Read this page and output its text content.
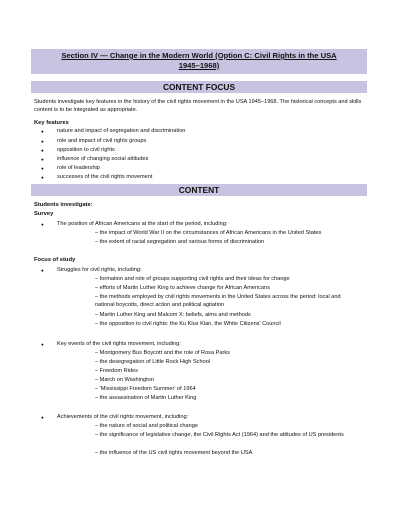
Section IV — Change in the Modern World (Option C: Civil Rights in the USA
1945–1968)
CONTENT FOCUS

Students investigate key features in the history of the civil rights movement in the USA 1945–1968. The historical concepts and skills content is to be integrated as appropriate.

Key features

● nature and impact of segregation and discrimination
● role and impact of civil rights groups
● opposition to civil rights
● influence of changing social attitudes
● role of leadership
● successes of the civil rights movement
CONTENT

Students investigate:

Survey

● The position of African Americans at the start of the period, including:
– the impact of World War II on the circumstances of African Americans in the United States
– the extent of racial segregation and various forms of discrimination

Focus of study

● Struggles for civil rights, including:
– formation and role of groups supporting civil rights and their ideas for change
– efforts of Martin Luther King to achieve change for African Americans
– the methods employed by civil rights movements in the United States across the period: local and national boycotts, direct action and political agitation
– Martin Luther King and Malcom X: beliefs, aims and methods
– the opposition to civil rights: the Ku Klux Klan, the White Citizens' Council
● Key events of the civil rights movement, including:
– Montgomery Bus Boycott and the role of Rosa Parks
– the desegregation of Little Rock High School
– Freedom Rides
– March on Washington
– 'Mississippi Freedom Summer' of 1964
– the assassination of Martin Luther King
● Achievements of the civil rights movement, including:
– the nature of social and political change
– the significance of legislative change, the Civil Rights Act (1964) and the attitudes of US presidents
– the influence of the US civil rights movement beyond the USA
